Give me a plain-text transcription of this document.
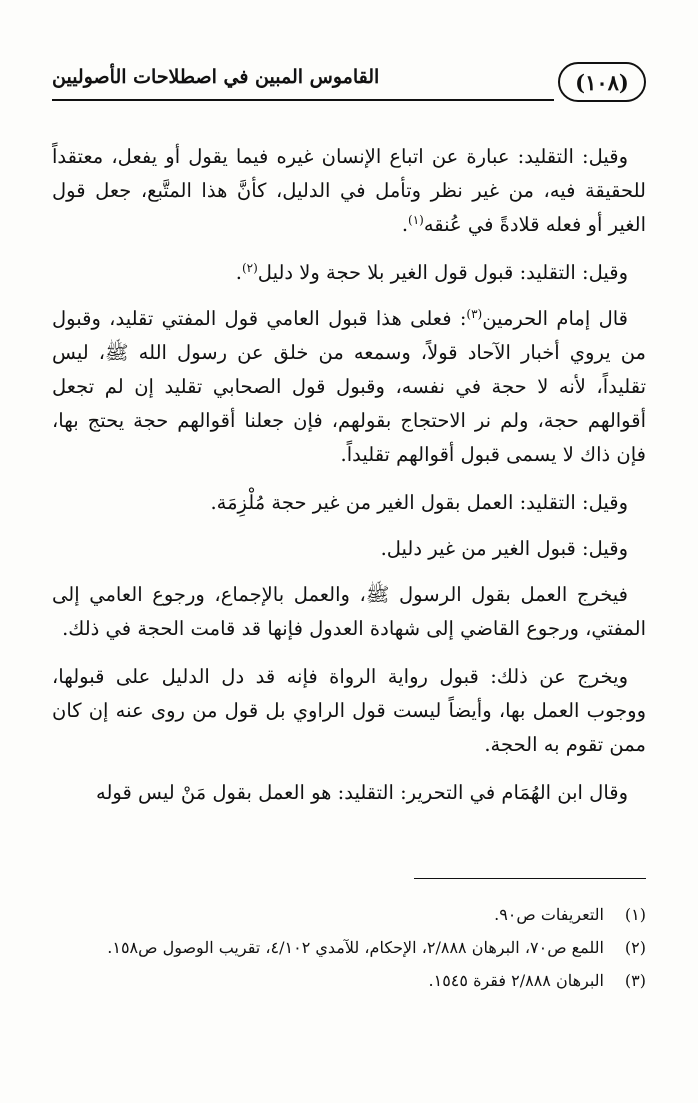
(١٠٨)
القاموس المبين في اصطلاحات الأصوليين

وقيل: التقليد: عبارة عن اتباع الإنسان غيره فيما يقول أو يفعل، معتقداً للحقيقة فيه، من غير نظر وتأمل في الدليل، كأنَّ هذا المتَّبع، جعل قول الغير أو فعله قلادةً في عُنقه$^{(١)}$.

وقيل: التقليد: قبول قول الغير بلا حجة ولا دليل$^{(٢)}$.

قال إمام الحرمين$^{(٣)}$: فعلى هذا قبول العامي قول المفتي تقليد، وقبول من يروي أخبار الآحاد قولاً، وسمعه من خلق عن رسول الله ﷺ، ليس تقليداً، لأنه لا حجة في نفسه، وقبول قول الصحابي تقليد إن لم تجعل أقوالهم حجة، ولم نر الاحتجاج بقولهم، فإن جعلنا أقوالهم حجة يحتج بها، فإن ذاك لا يسمى قبول أقوالهم تقليداً.

وقيل: التقليد: العمل بقول الغير من غير حجة مُلْزِمَة.

وقيل: قبول الغير من غير دليل.

فيخرج العمل بقول الرسول ﷺ، والعمل بالإجماع، ورجوع العامي إلى المفتي، ورجوع القاضي إلى شهادة العدول فإنها قد قامت الحجة في ذلك.

ويخرج عن ذلك: قبول رواية الرواة فإنه قد دل الدليل على قبولها، ووجوب العمل بها، وأيضاً ليست قول الراوي بل قول من روى عنه إن كان ممن تقوم به الحجة.

وقال ابن الهُمَام في التحرير: التقليد: هو العمل بقول مَنْ ليس قوله

(١)
التعريفات ص٩٠.
(٢)
اللمع ص٧٠، البرهان ٢/٨٨٨، الإحكام، للآمدي ٤/١٠٢، تقريب الوصول ص١٥٨.
(٣)
البرهان ٢/٨٨٨ فقرة ١٥٤٥.
